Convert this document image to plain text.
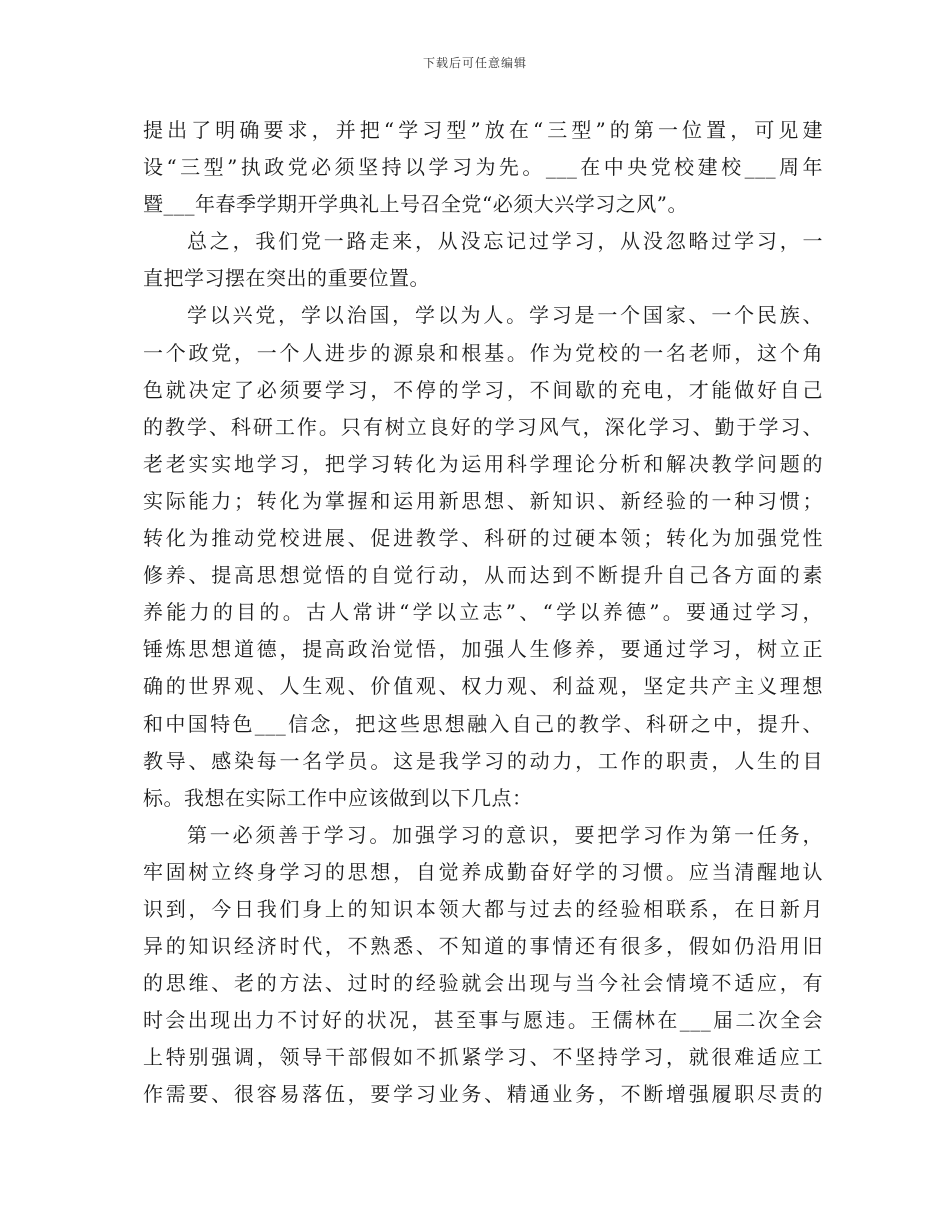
下载后可任意编辑
提出了明确要求，并把“学习型”放在“三型”的第一位置，可见建
设“三型”执政党必须坚持以学习为先。___在中央党校建校___周年
暨___年春季学期开学典礼上号召全党“必须大兴学习之风”。
总之，我们党一路走来，从没忘记过学习，从没忽略过学习，一
直把学习摆在突出的重要位置。
学以兴党，学以治国，学以为人。学习是一个国家、一个民族、
一个政党，一个人进步的源泉和根基。作为党校的一名老师，这个角
色就决定了必须要学习，不停的学习，不间歇的充电，才能做好自己
的教学、科研工作。只有树立良好的学习风气，深化学习、勤于学习、
老老实实地学习，把学习转化为运用科学理论分析和解决教学问题的
实际能力；转化为掌握和运用新思想、新知识、新经验的一种习惯；
转化为推动党校进展、促进教学、科研的过硬本领；转化为加强党性
修养、提高思想觉悟的自觉行动，从而达到不断提升自己各方面的素
养能力的目的。古人常讲“学以立志”、“学以养德”。要通过学习，
锤炼思想道德，提高政治觉悟，加强人生修养，要通过学习，树立正
确的世界观、人生观、价值观、权力观、利益观，坚定共产主义理想
和中国特色___信念，把这些思想融入自己的教学、科研之中，提升、
教导、感染每一名学员。这是我学习的动力，工作的职责，人生的目
标。我想在实际工作中应该做到以下几点：
第一必须善于学习。加强学习的意识，要把学习作为第一任务，
牢固树立终身学习的思想，自觉养成勤奋好学的习惯。应当清醒地认
识到，今日我们身上的知识本领大都与过去的经验相联系，在日新月
异的知识经济时代，不熟悉、不知道的事情还有很多，假如仍沿用旧
的思维、老的方法、过时的经验就会出现与当今社会情境不适应，有
时会出现出力不讨好的状况，甚至事与愿违。王儒林在___届二次全会
上特别强调，领导干部假如不抓紧学习、不坚持学习，就很难适应工
作需要、很容易落伍，要学习业务、精通业务，不断增强履职尽责的
